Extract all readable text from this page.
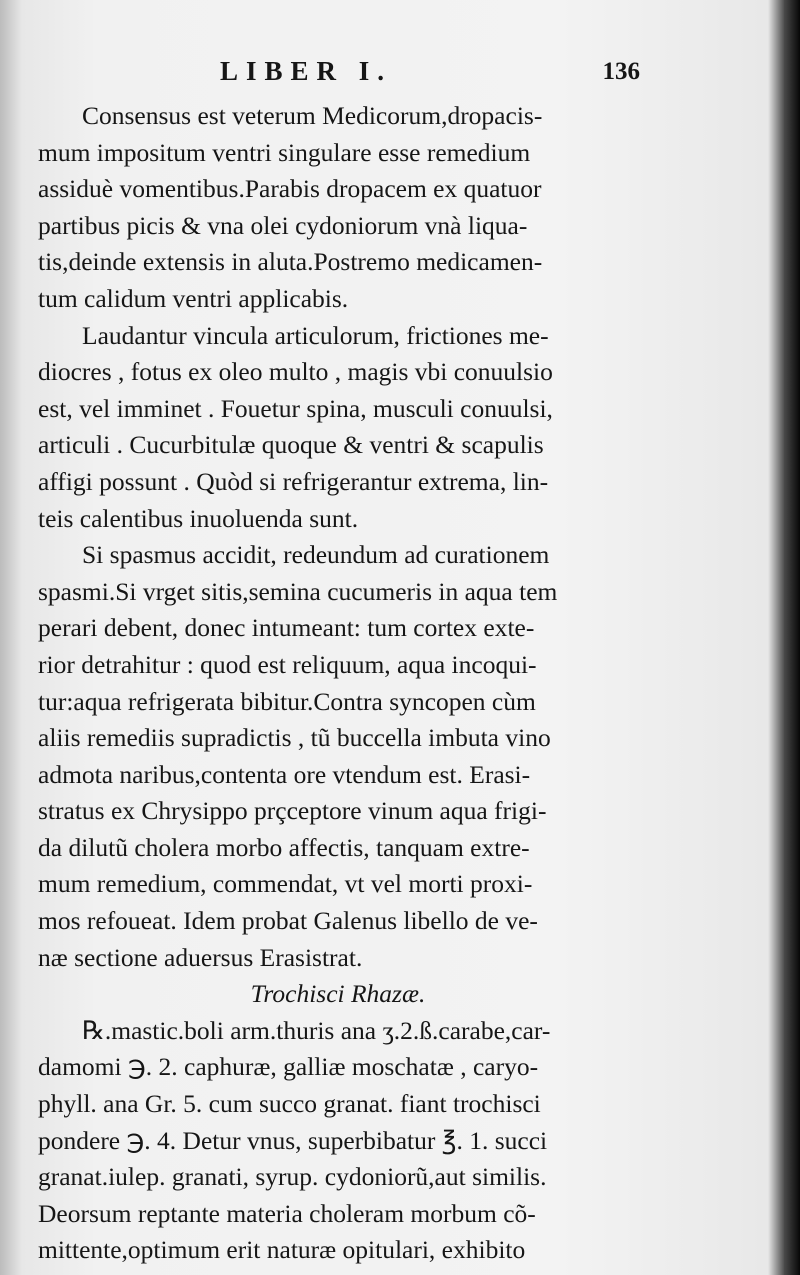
LIBER I.	136
Consensus est veterum Medicorum,dropacis-
mum impositum ventri singulare esse remedium
assiduè vomentibus.Parabis dropacem ex quatuor
partibus picis & vna olei cydoniorum vnà liqua-
tis,deinde extensis in aluta.Postremo medicamen-
tum calidum ventri applicabis.
Laudantur vincula articulorum, frictiones me-
diocres , fotus ex oleo multo , magis vbi conuulsio
est, vel imminet . Fouetur spina, musculi conuulsi,
articuli . Cucurbitulæ quoque & ventri & scapulis
affigi possunt . Quòd si refrigerantur extrema, lin-
teis calentibus inuoluenda sunt.
Si spasmus accidit, redeundum ad curationem
spasmi.Si vrget sitis,semina cucumeris in aqua tem
perari debent, donec intumeant: tum cortex exte-
rior detrahitur : quod est reliquum, aqua incoqui-
tur:aqua refrigerata bibitur.Contra syncopen cùm
aliis remediis supradictis , tũ buccella imbuta vino
admota naribus,contenta ore vtendum est. Erasi-
stratus ex Chrysippo prçceptore vinum aqua frigi-
da dilutũ cholera morbo affectis, tanquam extre-
mum remedium, commendat, vt vel morti proxi-
mos refoueat. Idem probat Galenus libello de ve-
næ sectione aduersus Erasistrat.
Trochisci Rhazæ.
℞.mastic.boli arm.thuris ana ʒ.2.ß.carabe,car-
damomi ℈. 2. caphuræ, galliæ moschatæ , caryo-
phyll. ana Gr. 5. cum succo granat. fiant trochisci
pondere ℈. 4. Detur vnus, superbibatur ℥. 1. succi
granat.iulep. granati, syrup. cydoniorũ,aut similis.
Deorsum reptante materia choleram morbum cõ-
mittente,optimum erit naturæ opitulari, exhibito
